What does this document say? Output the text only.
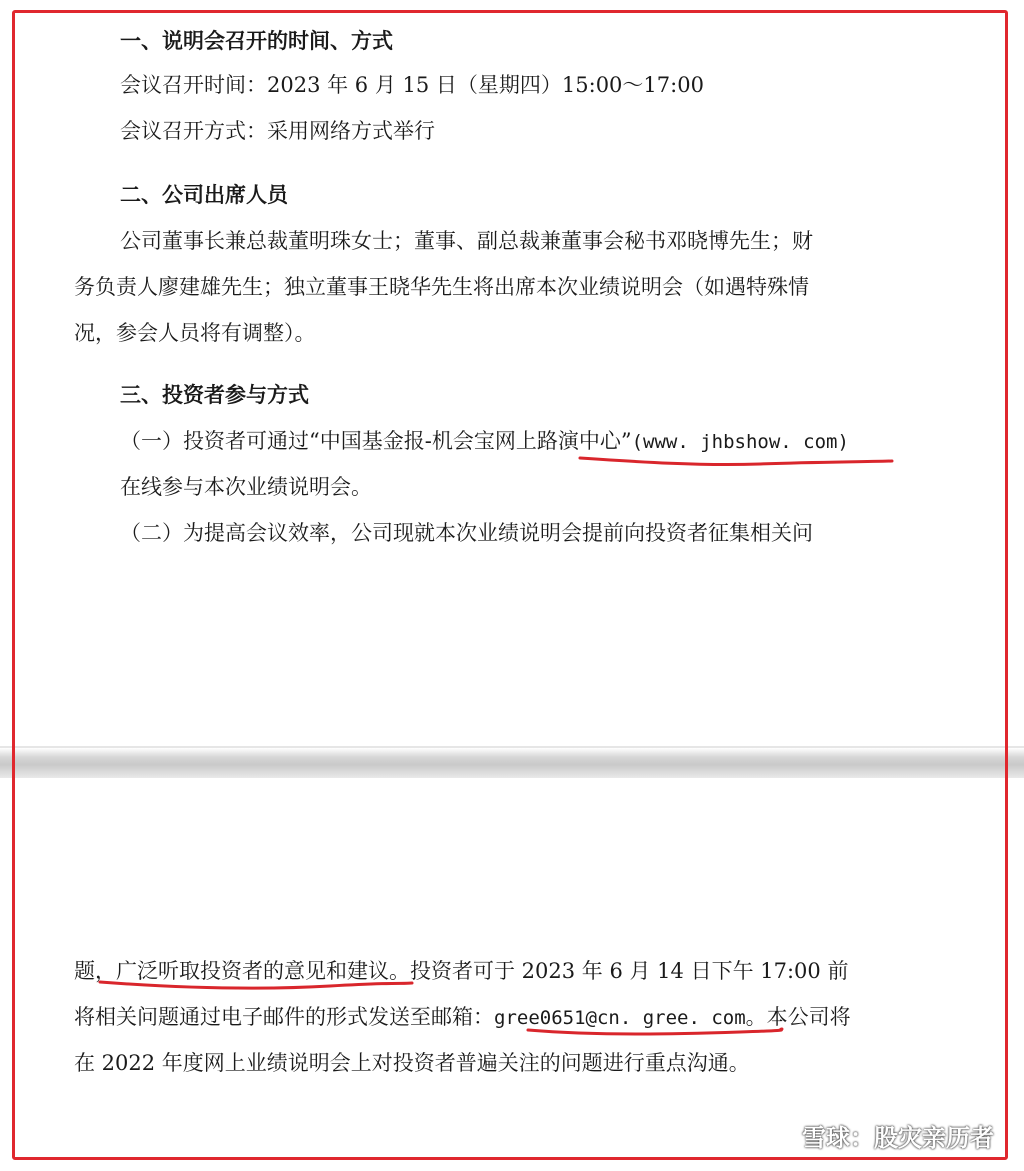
一、说明会召开的时间、方式
会议召开时间：2023 年 6 月 15 日（星期四）15:00～17:00
会议召开方式：采用网络方式举行
二、公司出席人员
公司董事长兼总裁董明珠女士；董事、副总裁兼董事会秘书邓晓博先生；财
务负责人廖建雄先生；独立董事王晓华先生将出席本次业绩说明会（如遇特殊情
况，参会人员将有调整）。
三、投资者参与方式
（一）投资者可通过“中国基金报-机会宝网上路演中心”(www. jhbshow. com)
在线参与本次业绩说明会。
（二）为提高会议效率，公司现就本次业绩说明会提前向投资者征集相关问
题，广泛听取投资者的意见和建议。投资者可于 2023 年 6 月 14 日下午 17:00 前
将相关问题通过电子邮件的形式发送至邮箱：gree0651@cn. gree. com。本公司将
在 2022 年度网上业绩说明会上对投资者普遍关注的问题进行重点沟通。
雪球：股灾亲历者
